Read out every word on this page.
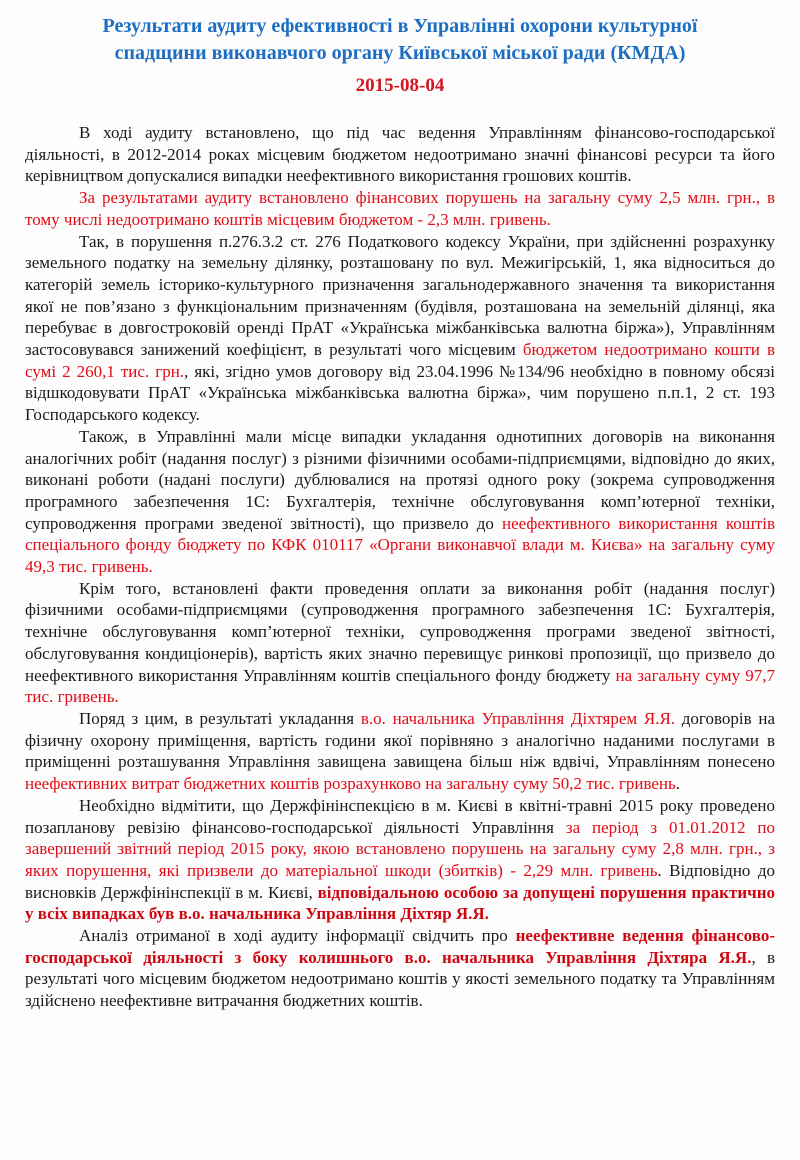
Результати аудиту ефективності в Управлінні охорони культурної спадщини виконавчого органу Київської міської ради (КМДА)
2015-08-04

В ході аудиту встановлено, що під час ведення Управлінням фінансово-господарської діяльності, в 2012-2014 роках місцевим бюджетом недоотримано значні фінансові ресурси та його керівництвом допускалися випадки неефективного використання грошових коштів.

За результатами аудиту встановлено фінансових порушень на загальну суму 2,5 млн. грн., в тому числі недоотримано коштів місцевим бюджетом - 2,3 млн. гривень.

Так, в порушення п.276.3.2 ст. 276 Податкового кодексу України, при здійсненні розрахунку земельного податку на земельну ділянку, розташовану по вул. Межигірській, 1, яка відноситься до категорій земель історико-культурного призначення загальнодержавного значення та використання якої не пов’язано з функціональним призначенням (будівля, розташована на земельній ділянці, яка перебуває в довгостроковій оренді ПрАТ «Українська міжбанківська валютна біржа»), Управлінням застосовувався занижений коефіцієнт, в результаті чого місцевим бюджетом недоотримано кошти в сумі 2 260,1 тис. грн., які, згідно умов договору від 23.04.1996 №134/96 необхідно в повному обсязі відшкодовувати ПрАТ «Українська міжбанківська валютна біржа», чим порушено п.п.1, 2 ст. 193 Господарського кодексу.

Також, в Управлінні мали місце випадки укладання однотипних договорів на виконання аналогічних робіт (надання послуг) з різними фізичними особами-підприємцями, відповідно до яких, виконані роботи (надані послуги) дублювалися на протязі одного року (зокрема супроводження програмного забезпечення 1С: Бухгалтерія, технічне обслуговування комп’ютерної техніки, супроводження програми зведеної звітності), що призвело до неефективного використання коштів спеціального фонду бюджету по КФК 010117 «Органи виконавчої влади м. Києва» на загальну суму 49,3 тис. гривень.

Крім того, встановлені факти проведення оплати за виконання робіт (надання послуг) фізичними особами-підприємцями (супроводження програмного забезпечення 1С: Бухгалтерія, технічне обслуговування комп’ютерної техніки, супроводження програми зведеної звітності, обслуговування кондиціонерів), вартість яких значно перевищує ринкові пропозиції, що призвело до неефективного використання Управлінням коштів спеціального фонду бюджету на загальну суму 97,7 тис. гривень.

Поряд з цим, в результаті укладання в.о. начальника Управління Діхтярем Я.Я. договорів на фізичну охорону приміщення, вартість години якої порівняно з аналогічно наданими послугами в приміщенні розташування Управління завищена завищена більш ніж вдвічі, Управлінням понесено неефективних витрат бюджетних коштів розрахунково на загальну суму 50,2 тис. гривень.

Необхідно відмітити, що Держфінінспекцією в м. Києві в квітні-травні 2015 року проведено позапланову ревізію фінансово-господарської діяльності Управління за період з 01.01.2012 по завершений звітний період 2015 року, якою встановлено порушень на загальну суму 2,8 млн. грн., з яких порушення, які призвели до матеріальної шкоди (збитків) - 2,29 млн. гривень. Відповідно до висновків Держфінінспекції в м. Києві, відповідальною особою за допущені порушення практично у всіх випадках був в.о. начальника Управління Діхтяр Я.Я.

Аналіз отриманої в ході аудиту інформації свідчить про неефективне ведення фінансово-господарської діяльності з боку колишнього в.о. начальника Управління Діхтяра Я.Я., в результаті чого місцевим бюджетом недоотримано коштів у якості земельного податку та Управлінням здійснено неефективне витрачання бюджетних коштів.
